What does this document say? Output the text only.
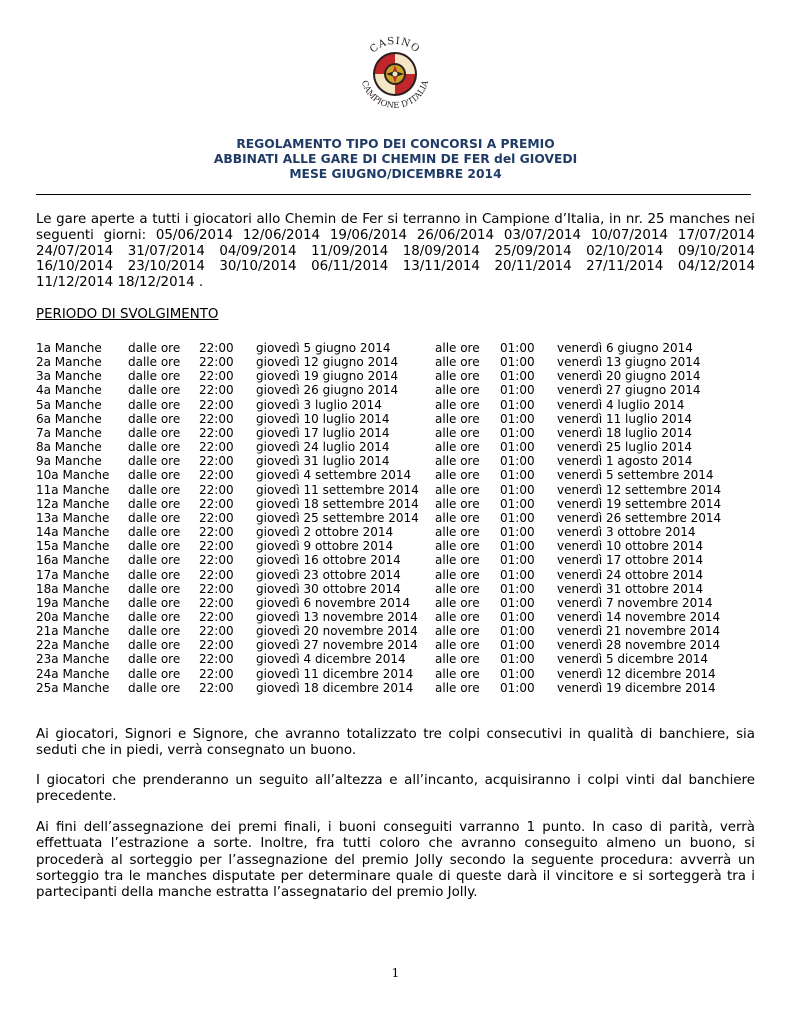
CASINO
CAMPIONE D'ITALIA
REGOLAMENTO TIPO DEI CONCORSI A PREMIO
ABBINATI ALLE GARE DI CHEMIN DE FER del GIOVEDI
MESE GIUGNO/DICEMBRE 2014
Le gare aperte a tutti i giocatori allo Chemin de Fer si terranno in Campione d’Italia, in nr. 25 manches nei seguenti giorni: 05/06/2014 12/06/2014 19/06/2014 26/06/2014 03/07/2014 10/07/2014 17/07/2014 24/07/2014 31/07/2014 04/09/2014 11/09/2014 18/09/2014 25/09/2014 02/10/2014 09/10/2014 16/10/2014 23/10/2014 30/10/2014 06/11/2014 13/11/2014 20/11/2014 27/11/2014 04/12/2014 11/12/2014 18/12/2014 .
PERIODO DI SVOLGIMENTO
1a Manche dalle ore 22:00 giovedì 5 giugno 2014	alle ore 01:00 venerdì 6 giugno 2014
2a Manche dalle ore 22:00 giovedì 12 giugno 2014	alle ore 01:00 venerdì 13 giugno 2014
3a Manche dalle ore 22:00 giovedì 19 giugno 2014	alle ore 01:00 venerdì 20 giugno 2014
4a Manche dalle ore 22:00 giovedì 26 giugno 2014	alle ore 01:00 venerdì 27 giugno 2014
5a Manche dalle ore 22:00 giovedì 3 luglio 2014	alle ore 01:00 venerdì 4 luglio 2014
6a Manche dalle ore 22:00 giovedì 10 luglio 2014	alle ore 01:00 venerdì 11 luglio 2014
7a Manche dalle ore 22:00 giovedì 17 luglio 2014	alle ore 01:00 venerdì 18 luglio 2014
8a Manche dalle ore 22:00 giovedì 24 luglio 2014	alle ore 01:00 venerdì 25 luglio 2014
9a Manche dalle ore 22:00 giovedì 31 luglio 2014	alle ore 01:00 venerdì 1 agosto 2014
10a Manche dalle ore 22:00 giovedì 4 settembre 2014 alle ore 01:00 venerdì 5 settembre 2014
11a Manche dalle ore 22:00 giovedì 11 settembre 2014 alle ore 01:00 venerdì 12 settembre 2014
12a Manche dalle ore 22:00 giovedì 18 settembre 2014 alle ore 01:00 venerdì 19 settembre 2014
13a Manche dalle ore 22:00 giovedì 25 settembre 2014 alle ore 01:00 venerdì 26 settembre 2014
14a Manche dalle ore 22:00 giovedì 2 ottobre 2014	alle ore 01:00 venerdì 3 ottobre 2014
15a Manche dalle ore 22:00 giovedì 9 ottobre 2014	alle ore 01:00 venerdì 10 ottobre 2014
16a Manche dalle ore 22:00 giovedì 16 ottobre 2014	alle ore 01:00 venerdì 17 ottobre 2014
17a Manche dalle ore 22:00 giovedì 23 ottobre 2014	alle ore 01:00 venerdì 24 ottobre 2014
18a Manche dalle ore 22:00 giovedì 30 ottobre 2014	alle ore 01:00 venerdì 31 ottobre 2014
19a Manche dalle ore 22:00 giovedì 6 novembre 2014 alle ore 01:00 venerdì 7 novembre 2014
20a Manche dalle ore 22:00 giovedì 13 novembre 2014 alle ore 01:00 venerdì 14 novembre 2014
21a Manche dalle ore 22:00 giovedì 20 novembre 2014 alle ore 01:00 venerdì 21 novembre 2014
22a Manche dalle ore 22:00 giovedì 27 novembre 2014 alle ore 01:00 venerdì 28 novembre 2014
23a Manche dalle ore 22:00 giovedì 4 dicembre 2014 alle ore 01:00 venerdì 5 dicembre 2014
24a Manche dalle ore 22:00 giovedì 11 dicembre 2014 alle ore 01:00 venerdì 12 dicembre 2014
25a Manche dalle ore 22:00 giovedì 18 dicembre 2014 alle ore 01:00 venerdì 19 dicembre 2014

Ai giocatori, Signori e Signore, che avranno totalizzato tre colpi consecutivi in qualità di banchiere, sia seduti che in piedi, verrà consegnato un buono.

I giocatori che prenderanno un seguito all’altezza e all’incanto, acquisiranno i colpi vinti dal banchiere precedente.

Ai fini dell’assegnazione dei premi finali, i buoni conseguiti varranno 1 punto. In caso di parità, verrà effettuata l’estrazione a sorte. Inoltre, fra tutti coloro che avranno conseguito almeno un buono, si procederà al sorteggio per l’assegnazione del premio Jolly secondo la seguente procedura: avverrà un sorteggio tra le manches disputate per determinare quale di queste darà il vincitore e si sorteggerà tra i partecipanti della manche estratta l’assegnatario del premio Jolly.

1
